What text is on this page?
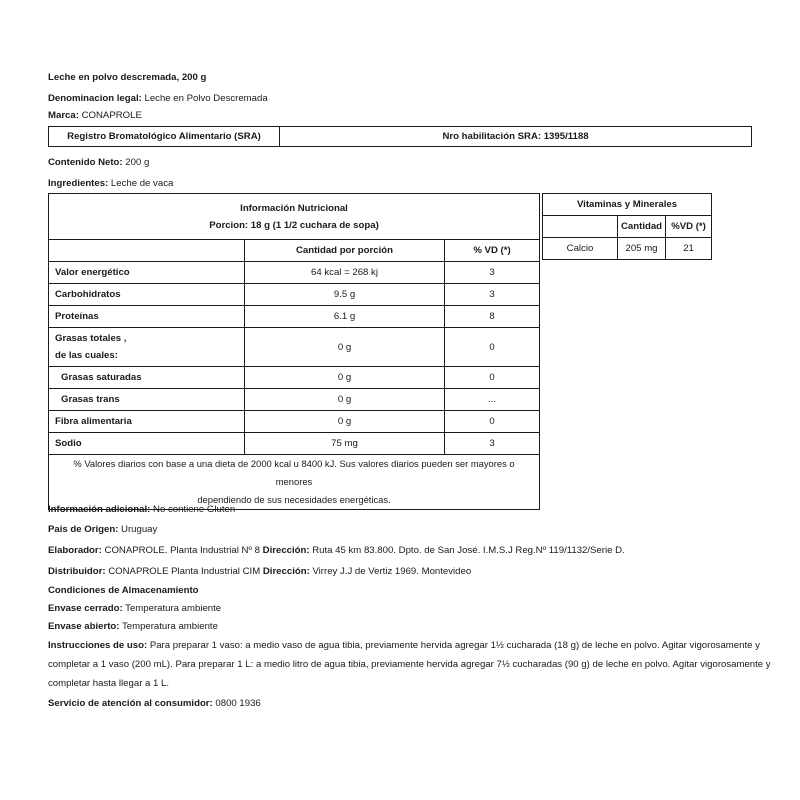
Leche en polvo descremada, 200 g
Denominacion legal: Leche en Polvo Descremada
Marca: CONAPROLE
Registro Bromatológico Alimentario (SRA)	Nro habilitación SRA: 1395/1188
Contenido Neto: 200 g
Ingredientes: Leche de vaca
Información Nutricional
Porcion: 18 g (1 1/2 cuchara de sopa)		

	Cantidad por porción	% VD (*)
Valor energético	64 kcal = 268 kj	3
Carbohidratos	9.5 g	3
Proteínas	6.1 g	8

Grasas totales ,
de las cuales:	0 g	0
Grasas saturadas	0 g	0
Grasas trans	0 g	...
Fibra alimentaria	0 g	0
Sodio	75 mg	3

% Valores diarios con base a una dieta de 2000 kcal u 8400 kJ. Sus valores diarios pueden ser mayores o menores
dependiendo de sus necesidades energéticas.		
Vitaminas y Minerales		
	Cantidad	%VD (*)
Calcio	205 mg	21
Información adicional: No contiene Gluten
Pais de Origen: Uruguay
Elaborador: CONAPROLE. Planta Industrial Nº 8 Dirección: Ruta 45 km 83.800. Dpto. de San José. I.M.S.J Reg.Nº 119/1132/Serie D.
Distribuidor: CONAPROLE Planta Industrial CIM Dirección: Virrey J.J de Vertiz 1969. Montevideo
Condiciones de Almacenamiento
Envase cerrado: Temperatura ambiente
Envase abierto: Temperatura ambiente
Instrucciones de uso: Para preparar 1 vaso: a medio vaso de agua tibia, previamente hervida agregar 1½ cucharada (18 g) de leche en polvo. Agitar vigorosamente y
completar a 1 vaso (200 mL). Para preparar 1 L: a medio litro de agua tibia, previamente hervida agregar 7½ cucharadas (90 g) de leche en polvo. Agitar vigorosamente y
completar hasta llegar a 1 L.
Servicio de atención al consumidor: 0800 1936
